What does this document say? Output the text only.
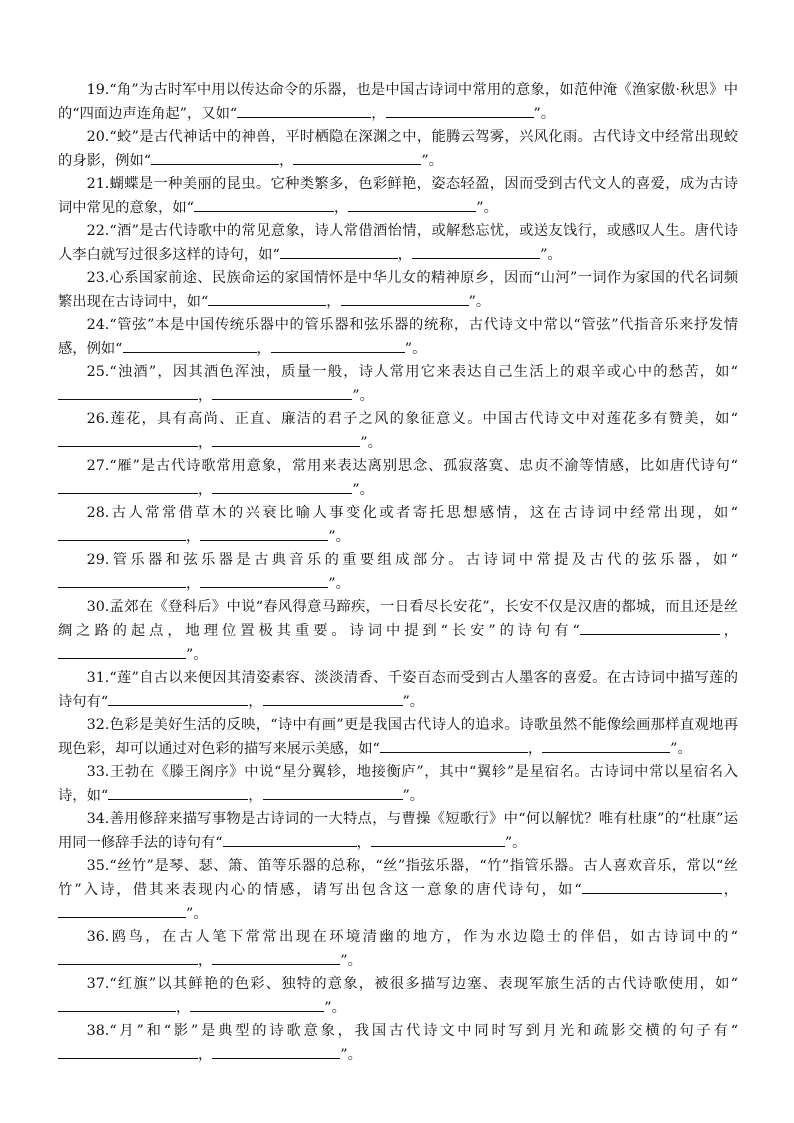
19.“角”为古时军中用以传达命令的乐器，也是中国古诗词中常用的意象，如范仲淹《渔家傲·秋思》中的“四面边声连角起”，又如“	，	”。

20.“蛟”是古代神话中的神兽，平时栖隐在深渊之中，能腾云驾雾，兴风化雨。古代诗文中经常出现蛟的身影，例如“	，	”。

21.蝴蝶是一种美丽的昆虫。它种类繁多，色彩鲜艳，姿态轻盈，因而受到古代文人的喜爱，成为古诗词中常见的意象，如“	，	”。

22.“酒”是古代诗歌中的常见意象，诗人常借酒怡情，或解愁忘忧，或送友饯行，或感叹人生。唐代诗人李白就写过很多这样的诗句，如“	，	”。

23.心系国家前途、民族命运的家国情怀是中华儿女的精神原乡，因而“山河”一词作为家国的代名词频繁出现在古诗词中，如“	，	”。

24.“管弦”本是中国传统乐器中的管乐器和弦乐器的统称，古代诗文中常以“管弦”代指音乐来抒发情感，例如“	，	”。

25.“浊酒”，因其酒色浑浊，质量一般，诗人常用它来表达自己生活上的艰辛或心中的愁苦，如“，	”。

26.莲花，具有高尚、正直、廉洁的君子之风的象征意义。中国古代诗文中对莲花多有赞美，如“，	”。

27.“雁”是古代诗歌常用意象，常用来表达离别思念、孤寂落寞、忠贞不渝等情感，比如唐代诗句“，	”。

28.古人常常借草木的兴衰比喻人事变化或者寄托思想感情，这在古诗词中经常出现，如“，	”。

29.管乐器和弦乐器是古典音乐的重要组成部分。古诗词中常提及古代的弦乐器，如“，	”。

30.孟郊在《登科后》中说“春风得意马蹄疾，一日看尽长安花”，长安不仅是汉唐的都城，而且还是丝绸之路的起点，地理位置极其重要。诗词中提到“长安”的诗句有“	，”。

31.“莲”自古以来便因其清姿素容、淡淡清香、千姿百态而受到古人墨客的喜爱。在古诗词中描写莲的诗句有“	，	”。

32.色彩是美好生活的反映，“诗中有画”更是我国古代诗人的追求。诗歌虽然不能像绘画那样直观地再现色彩，却可以通过对色彩的描写来展示美感，如“	，	”。

33.王勃在《滕王阁序》中说“星分翼轸，地接衡庐”，其中“翼轸”是星宿名。古诗词中常以星宿名入诗，如“	，	”。

34.善用修辞来描写事物是古诗词的一大特点，与曹操《短歌行》中“何以解忧？唯有杜康”的“杜康”运用同一修辞手法的诗句有“	，	”。

35.“丝竹”是琴、瑟、箫、笛等乐器的总称，“丝”指弦乐器，“竹”指管乐器。古人喜欢音乐，常以“丝竹”入诗，借其来表现内心的情感，请写出包含这一意象的唐代诗句，如“	，”。

36.鸥鸟，在古人笔下常常出现在环境清幽的地方，作为水边隐士的伴侣，如古诗词中的“，	”。

37.“红旗”以其鲜艳的色彩、独特的意象，被很多描写边塞、表现军旅生活的古代诗歌使用，如“，	”。

38.“月”和“影”是典型的诗歌意象，我国古代诗文中同时写到月光和疏影交横的句子有“，	”。
